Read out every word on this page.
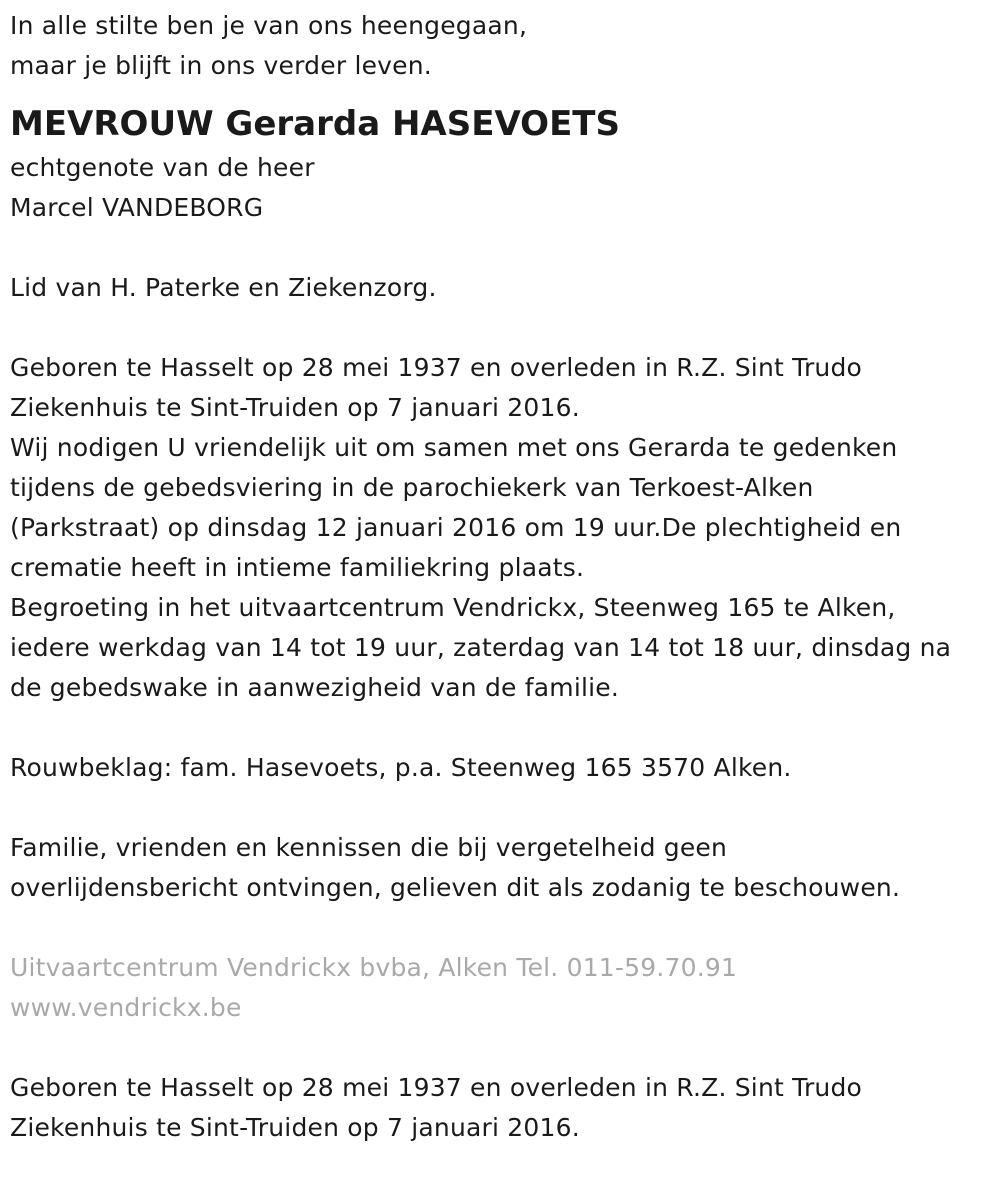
In alle stilte ben je van ons heengegaan,
maar je blijft in ons verder leven.
MEVROUW Gerarda HASEVOETS
echtgenote van de heer
Marcel VANDEBORG
Lid van H. Paterke en Ziekenzorg.
Geboren te Hasselt op 28 mei 1937 en overleden in R.Z. Sint Trudo
Ziekenhuis te Sint-Truiden op 7 januari 2016.
Wij nodigen U vriendelijk uit om samen met ons Gerarda te gedenken
tijdens de gebedsviering in de parochiekerk van Terkoest-Alken
(Parkstraat) op dinsdag 12 januari 2016 om 19 uur.De plechtigheid en
crematie heeft in intieme familiekring plaats.
Begroeting in het uitvaartcentrum Vendrickx, Steenweg 165 te Alken,
iedere werkdag van 14 tot 19 uur, zaterdag van 14 tot 18 uur, dinsdag na
de gebedswake in aanwezigheid van de familie.
Rouwbeklag: fam. Hasevoets, p.a. Steenweg 165 3570 Alken.
Familie, vrienden en kennissen die bij vergetelheid geen
overlijdensbericht ontvingen, gelieven dit als zodanig te beschouwen.
Uitvaartcentrum Vendrickx bvba, Alken Tel. 011-59.70.91
www.vendrickx.be
Geboren te Hasselt op 28 mei 1937 en overleden in R.Z. Sint Trudo
Ziekenhuis te Sint-Truiden op 7 januari 2016.
